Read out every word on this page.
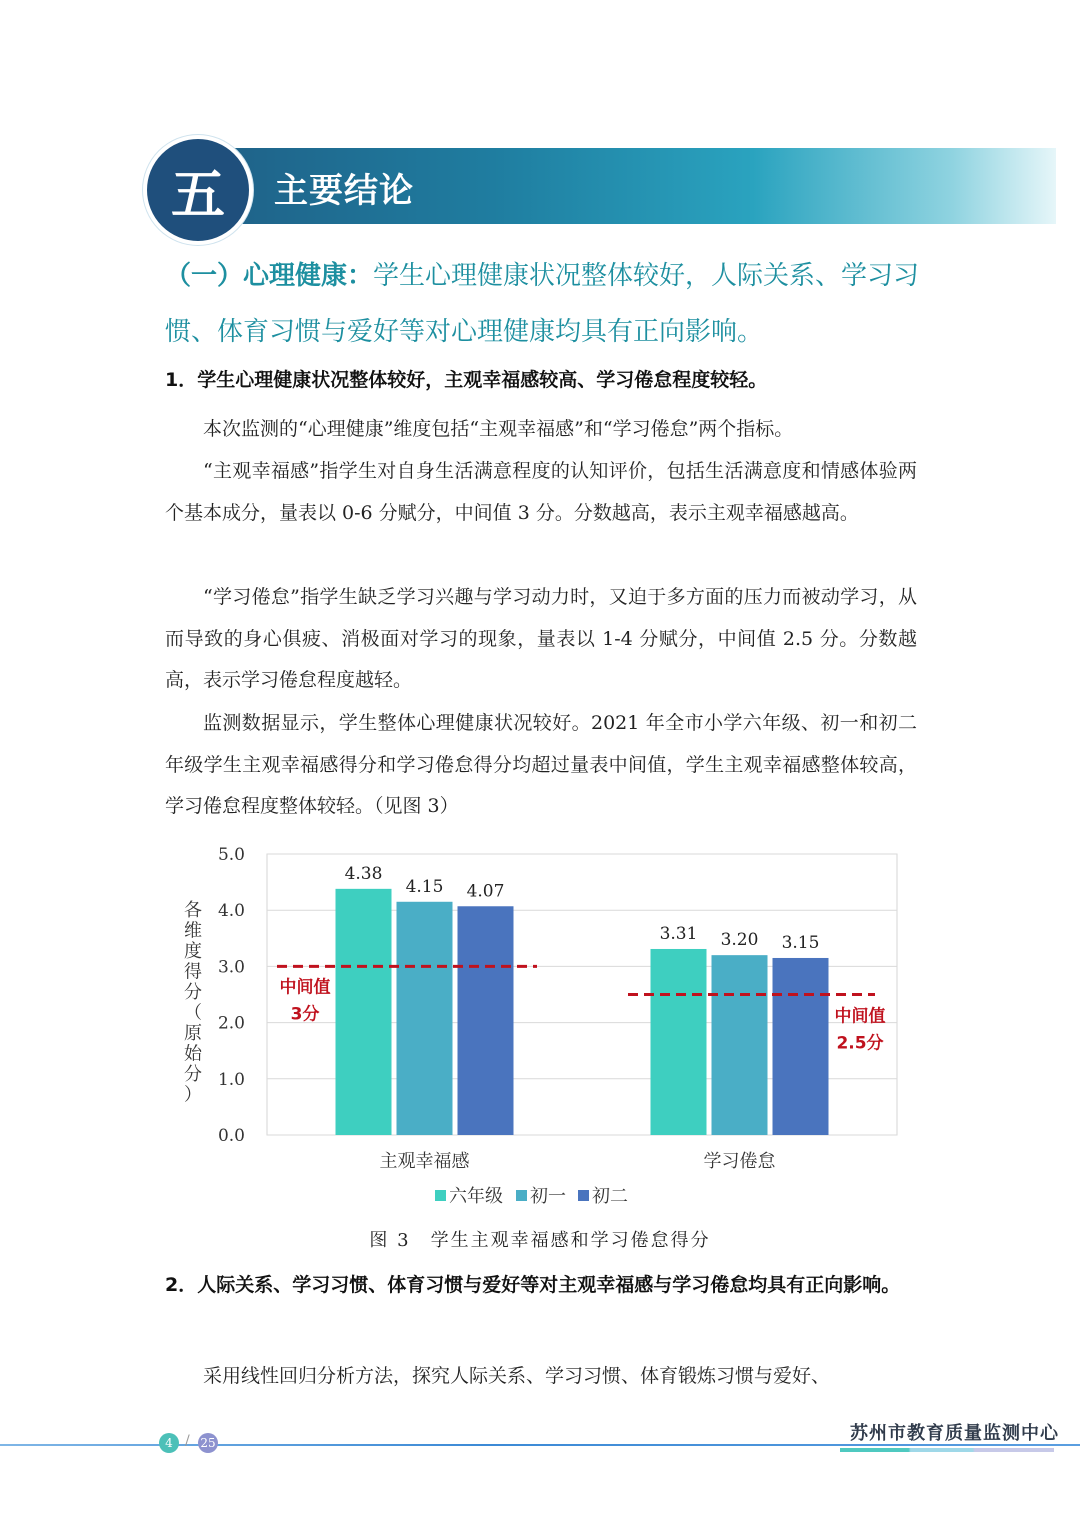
五 主要结论
（一）心理健康：学生心理健康状况整体较好，人际关系、学习习惯、体育习惯与爱好等对心理健康均具有正向影响。
1．学生心理健康状况整体较好，主观幸福感较高、学习倦怠程度较轻。
本次监测的“心理健康”维度包括“主观幸福感”和“学习倦怠”两个指标。
“主观幸福感”指学生对自身生活满意程度的认知评价，包括生活满意度和情感体验两个基本成分，量表以 0-6 分赋分，中间值 3 分。分数越高，表示主观幸福感越高。
“学习倦怠”指学生缺乏学习兴趣与学习动力时，又迫于多方面的压力而被动学习，从而导致的身心俱疲、消极面对学习的现象，量表以 1-4 分赋分，中间值 2.5 分。分数越高，表示学习倦怠程度越轻。
监测数据显示，学生整体心理健康状况较好。2021 年全市小学六年级、初一和初二年级学生主观幸福感得分和学习倦怠得分均超过量表中间值，学生主观幸福感整体较高，学习倦怠程度整体较轻。（见图 3）
0.0
1.0
2.0
3.0
4.0
5.0
各
维
度
得
分
（
原
始
分
）
4.38
4.15 4.07
主观幸福感
3.31 3.20 3.15
学习倦怠
中间值
3分	中间值
2.5分
六年级 初一 初二
图 3　学生主观幸福感和学习倦怠得分
2．人际关系、学习习惯、体育习惯与爱好等对主观幸福感与学习倦怠均具有正向影响。
采用线性回归分析方法，探究人际关系、学习习惯、体育锻炼习惯与爱好、
4 / 25	苏州市教育质量监测中心
